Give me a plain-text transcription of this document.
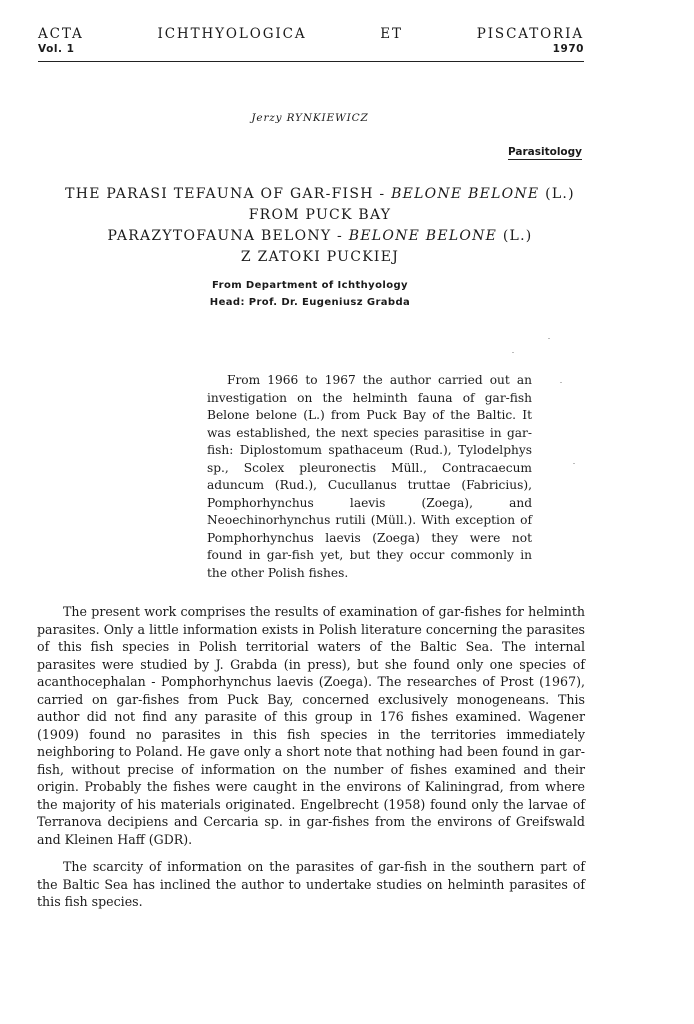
ACTA	ICHTHYOLOGICA	ET	PISCATORIA
Vol. 1	1970
Jerzy RYNKIEWICZ
Parasitology
THE PARASI TEFAUNA OF GAR-FISH - BELONE BELONE (L.)
FROM PUCK BAY
PARAZYTOFAUNA BELONY - BELONE BELONE (L.)
Z ZATOKI PUCKIEJ
From Department of Ichthyology
Head: Prof. Dr. Eugeniusz Grabda

From 1966 to 1967 the author carried out an investigation on the helminth fauna of gar-fish Belone belone (L.) from Puck Bay of the Baltic. It was established, the next species parasitise in gar-fish: Diplostomum spathaceum (Rud.), Tylodelphys sp., Scolex pleuronectis Müll., Contracaecum aduncum (Rud.), Cucullanus truttae (Fabricius), Pomphorhynchus laevis (Zoega), and Neoechinorhynchus rutili (Müll.). With exception of Pomphorhynchus laevis (Zoega) they were not found in gar-fish yet, but they occur commonly in the other Polish fishes.

The present work comprises the results of examination of gar-fishes for helminth parasites. Only a little information exists in Polish literature concerning the parasites of this fish species in Polish territorial waters of the Baltic Sea. The internal parasites were studied by J. Grabda (in press), but she found only one species of acanthocephalan - Pomphorhynchus laevis (Zoega). The researches of Prost (1967), carried on gar-fishes from Puck Bay, concerned exclusively monogeneans. This author did not find any parasite of this group in 176 fishes examined. Wagener (1909) found no parasites in this fish species in the territories immediately neighboring to Poland. He gave only a short note that nothing had been found in gar-fish, without precise of information on the number of fishes examined and their origin. Probably the fishes were caught in the environs of Kaliningrad, from where the majority of his materials originated. Engelbrecht (1958) found only the larvae of Terranova decipiens and Cercaria sp. in gar-fishes from the environs of Greifswald and Kleinen Haff (GDR).

The scarcity of information on the parasites of gar-fish in the southern part of the Baltic Sea has inclined the author to undertake studies on helminth parasites of this fish species.
